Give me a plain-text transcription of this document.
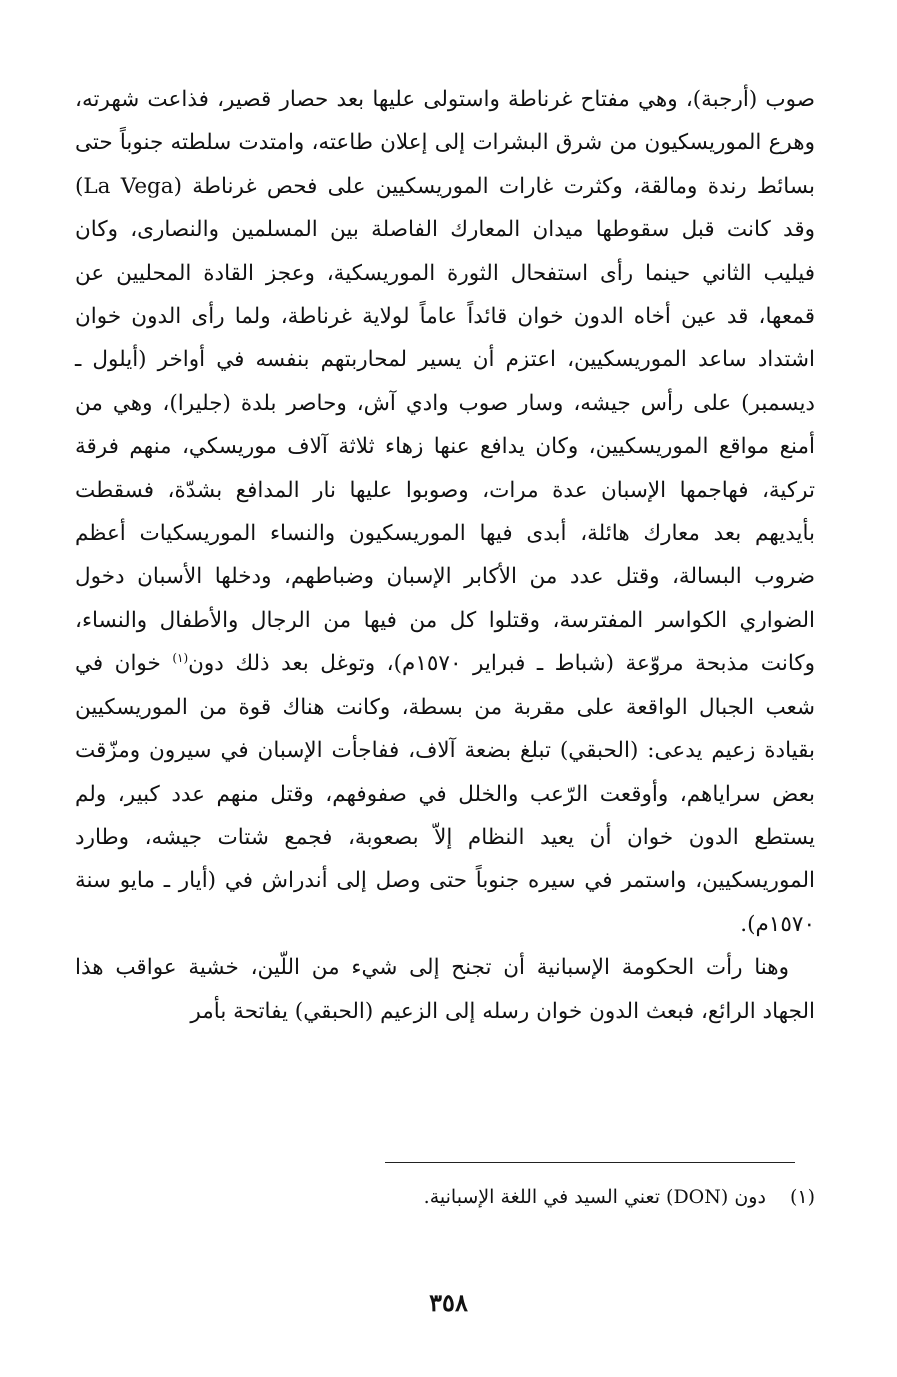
صوب (أرجبة)، وهي مفتاح غرناطة واستولى عليها بعد حصار قصير، فذاعت شهرته، وهرع الموريسكيون من شرق البشرات إلى إعلان طاعته، وامتدت سلطته جنوباً حتى بسائط رندة ومالقة، وكثرت غارات الموريسكيين على فحص غرناطة (La Vega) وقد كانت قبل سقوطها ميدان المعارك الفاصلة بين المسلمين والنصارى، وكان فيليب الثاني حينما رأى استفحال الثورة الموريسكية، وعجز القادة المحليين عن قمعها، قد عين أخاه الدون خوان قائداً عاماً لولاية غرناطة، ولما رأى الدون خوان اشتداد ساعد الموريسكيين، اعتزم أن يسير لمحاربتهم بنفسه في أواخر (أيلول ـ ديسمبر) على رأس جيشه، وسار صوب وادي آش، وحاصر بلدة (جليرا)، وهي من أمنع مواقع الموريسكيين، وكان يدافع عنها زهاء ثلاثة آلاف موريسكي، منهم فرقة تركية، فهاجمها الإسبان عدة مرات، وصوبوا عليها نار المدافع بشدّة، فسقطت بأيديهم بعد معارك هائلة، أبدى فيها الموريسكيون والنساء الموريسكيات أعظم ضروب البسالة، وقتل عدد من الأكابر الإسبان وضباطهم، ودخلها الأسبان دخول الضواري الكواسر المفترسة، وقتلوا كل من فيها من الرجال والأطفال والنساء، وكانت مذبحة مروّعة (شباط ـ فبراير ١٥٧٠م)، وتوغل بعد ذلك دون$^{(١)}$ خوان في شعب الجبال الواقعة على مقربة من بسطة، وكانت هناك قوة من الموريسكيين بقيادة زعيم يدعى: (الحبقي) تبلغ بضعة آلاف، ففاجأت الإسبان في سيرون ومزّقت بعض سراياهم، وأوقعت الرّعب والخلل في صفوفهم، وقتل منهم عدد كبير، ولم يستطع الدون خوان أن يعيد النظام إلاّ بصعوبة، فجمع شتات جيشه، وطارد الموريسكيين، واستمر في سيره جنوباً حتى وصل إلى أندراش في (أيار ـ مايو سنة ١٥٧٠م).

وهنا رأت الحكومة الإسبانية أن تجنح إلى شيء من اللّين، خشية عواقب هذا الجهاد الرائع، فبعث الدون خوان رسله إلى الزعيم (الحبقي) يفاتحة بأمر

(١)دون (DON) تعني السيد في اللغة الإسبانية.
٣٥٨
